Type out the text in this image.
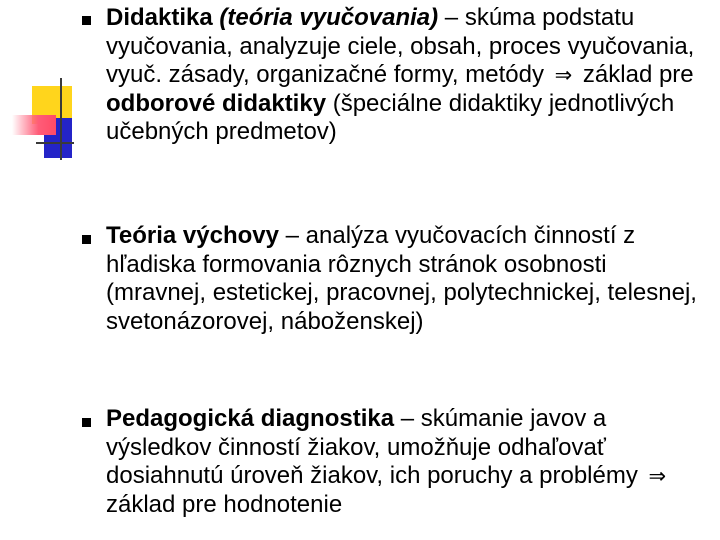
Didaktika (teória vyučovania) – skúma podstatu vyučovania, analyzuje ciele, obsah, proces vyučovania, vyuč. zásady, organizačné formy, metódy ⇒ základ pre odborové didaktiky (špeciálne didaktiky jednotlivých učebných predmetov)
Teória výchovy – analýza vyučovacích činností z hľadiska formovania rôznych stránok osobnosti (mravnej, estetickej, pracovnej, polytechnickej, telesnej, svetonázorovej, náboženskej)
Pedagogická diagnostika – skúmanie javov a výsledkov činností žiakov, umožňuje odhaľovať dosiahnutú úroveň žiakov, ich poruchy a problémy ⇒ základ pre hodnotenie
